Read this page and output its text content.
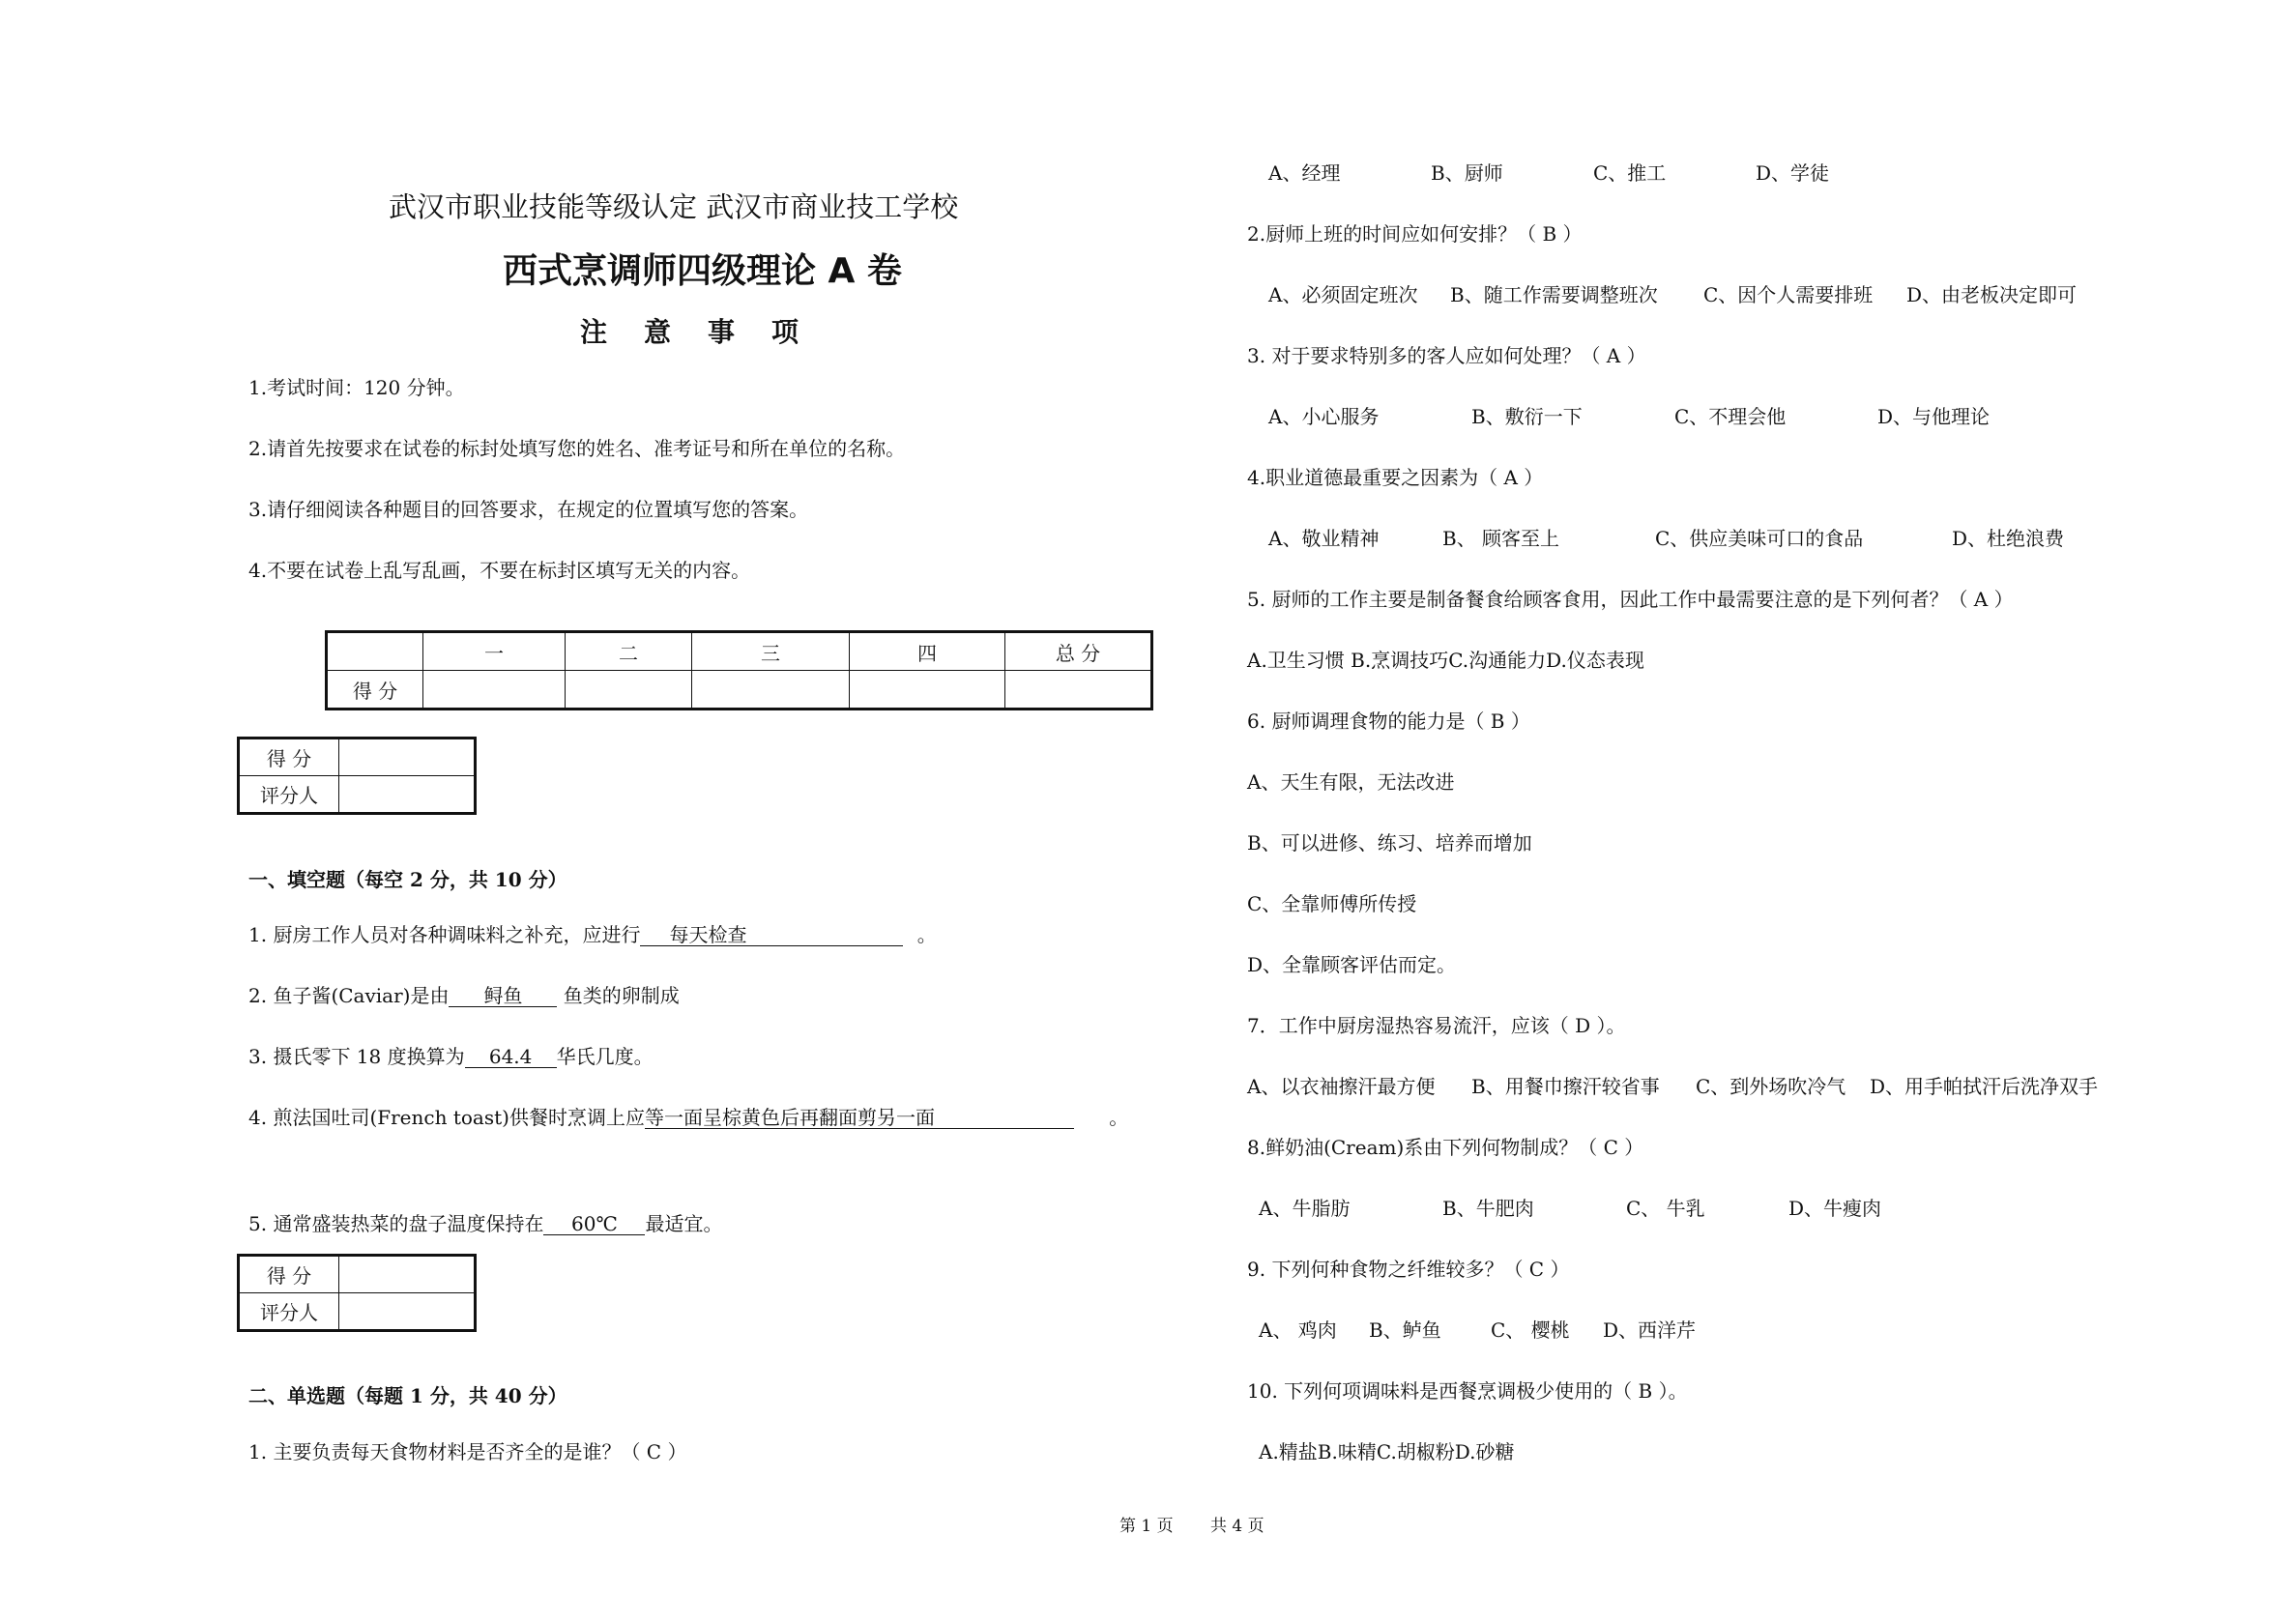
武汉市职业技能等级认定 武汉市商业技工学校
西式烹调师四级理论 A 卷
注意事项
1.考试时间：120 分钟。
2.请首先按要求在试卷的标封处填写您的姓名、准考证号和所在单位的名称。
3.请仔细阅读各种题目的回答要求，在规定的位置填写您的答案。
4.不要在试卷上乱写乱画，不要在标封区填写无关的内容。
	一	二	三	四	总 分
得 分					
得 分	
评分人	
一、填空题（每空 2 分，共 10 分）
1. 厨房工作人员对各种调味料之补充，应进行 每天检查	。
2. 鱼子酱(Caviar)是由 鲟鱼 鱼类的卵制成
3. 摄氏零下 18 度换算为 64.4 华氏几度。
4. 煎法国吐司(French toast)供餐时烹调上应等一面呈棕黄色后再翻面剪另一面	。
5. 通常盛装热菜的盘子温度保持在 60℃ 最适宜。
得 分	
评分人	
二、单选题（每题 1 分，共 40 分）
1. 主要负责每天食物材料是否齐全的是谁？（ C ）
A、经理	B、厨师	C、推工	D、学徒
2.厨师上班的时间应如何安排？（ B ）
A、必须固定班次 B、随工作需要调整班次 C、因个人需要排班 D、由老板决定即可
3. 对于要求特别多的客人应如何处理？（ A ）
A、小心服务	B、敷衍一下	C、不理会他	D、与他理论
4.职业道德最重要之因素为（ A ）
A、敬业精神	B、 顾客至上	C、供应美味可口的食品	D、杜绝浪费
5. 厨师的工作主要是制备餐食给顾客食用，因此工作中最需要注意的是下列何者？（ A ）
A.卫生习惯 B.烹调技巧C.沟通能力D.仪态表现
6. 厨师调理食物的能力是（ B ）
A、天生有限，无法改进
B、可以进修、练习、培养而增加
C、全靠师傅所传授
D、全靠顾客评估而定。
7．工作中厨房湿热容易流汗，应该（ D ）。
A、以衣袖擦汗最方便 B、用餐巾擦汗较省事 C、到外场吹冷气 D、用手帕拭汗后洗净双手
8.鲜奶油(Cream)系由下列何物制成？（ C ）
A、牛脂肪	B、牛肥肉	C、 牛乳	D、牛瘦肉
9. 下列何种食物之纤维较多？（ C ）
A、 鸡肉 B、鲈鱼	C、 樱桃 D、西洋芹
10. 下列何项调味料是西餐烹调极少使用的（ B ）。
A.精盐B.味精C.胡椒粉D.砂糖
第 1 页 共 4 页
